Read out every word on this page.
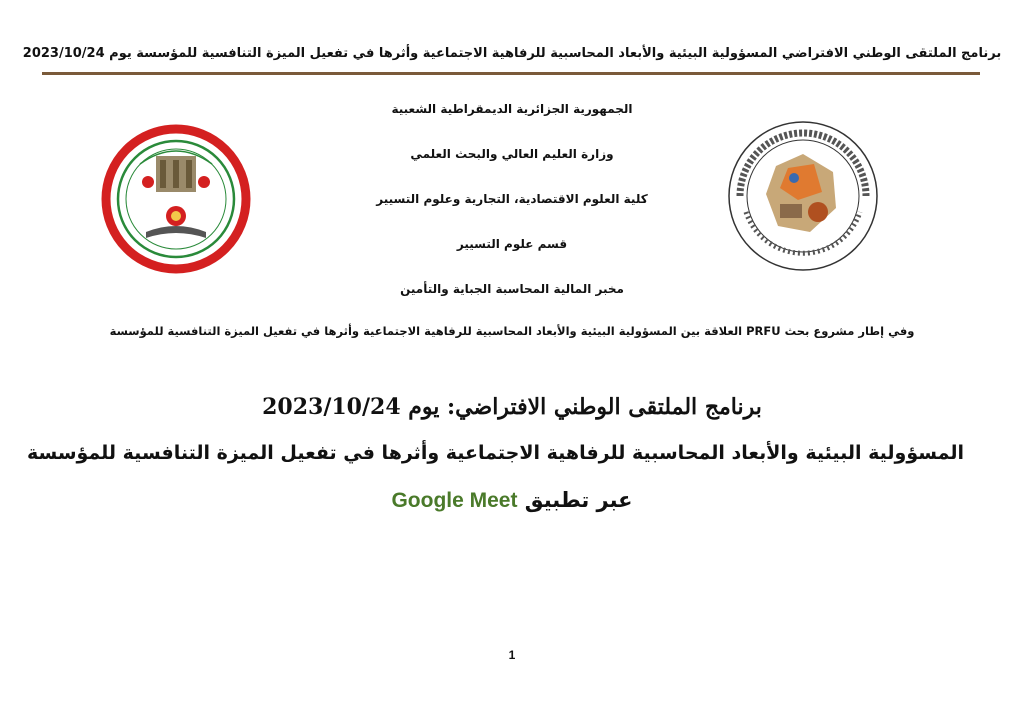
برنامج الملتقى الوطني الافتراضي المسؤولية البيئية والأبعاد المحاسبية للرفاهية الاجتماعية وأثرها في تفعيل الميزة التنافسية للمؤسسة يوم 2023/10/24
الجمهورية الجزائرية الديمقراطية الشعبية
وزارة العليم العالي والبحث العلمي
كلية العلوم الاقتصادية، التجارية وعلوم التسيير
قسم علوم التسيير
مخبر المالية المحاسبة الجباية والتأمين
وفي إطار مشروع بحث PRFU العلاقة بين المسؤولية البيئية والأبعاد المحاسبية للرفاهية الاجتماعية وأثرها في تفعيل الميزة التنافسية للمؤسسة
برنامج الملتقى الوطني الافتراضي: يوم 2023/10/24
المسؤولية البيئية والأبعاد المحاسبية للرفاهية الاجتماعية وأثرها في تفعيل الميزة التنافسية للمؤسسة
عبر تطبيق Google Meet
1
